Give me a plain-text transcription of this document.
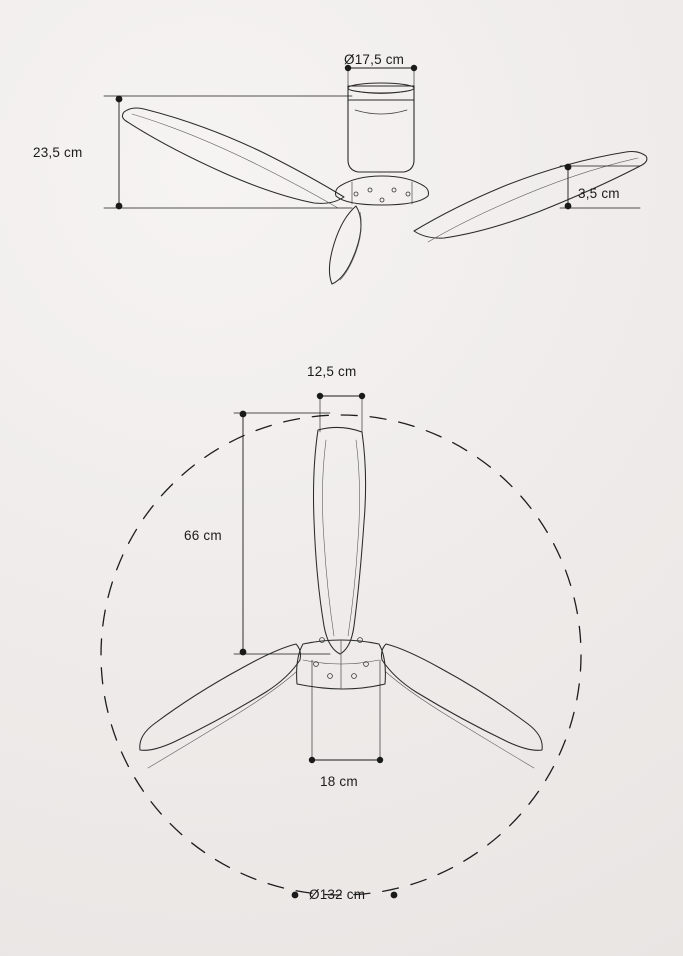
Ø17,5 cm
23,5 cm
3,5 cm
12,5 cm
66 cm
18 cm
Ø132 cm
